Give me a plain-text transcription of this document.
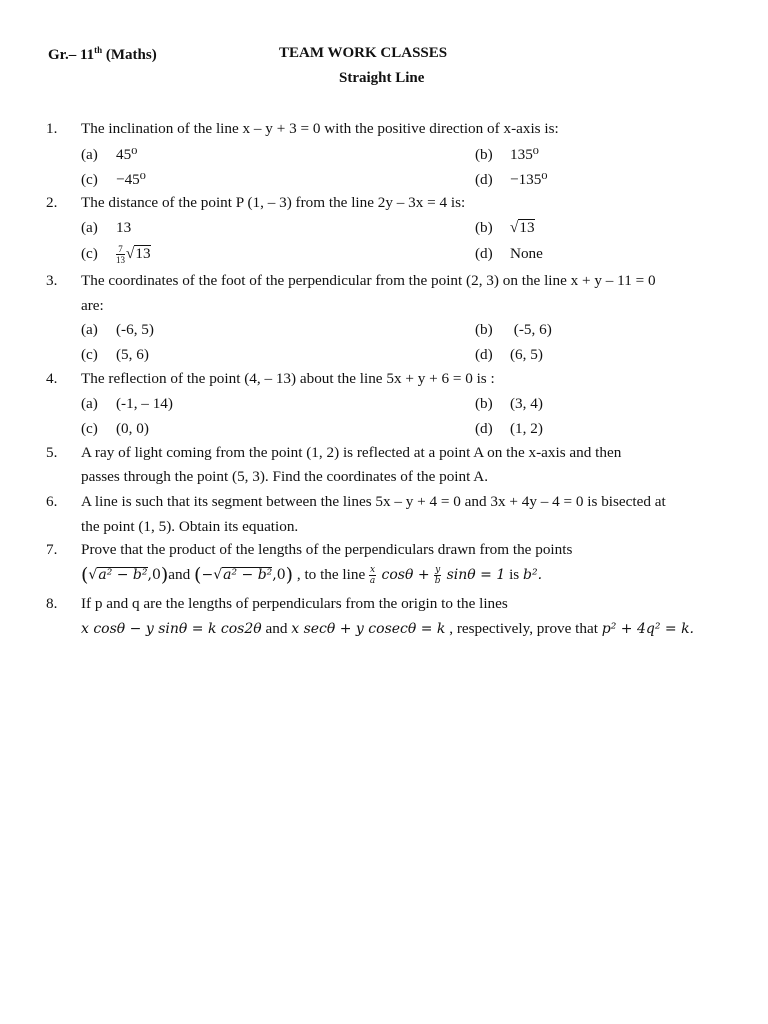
Gr.– 11th (Maths)	TEAM WORK CLASSES
Straight Line
1. The inclination of the line x – y + 3 = 0 with the positive direction of x-axis is:
(a) 45⁰	(b) 135⁰
(c) −45⁰	(d) −135⁰
2. The distance of the point P (1, – 3) from the line 2y – 3x = 4 is:
(a) 13	(b) √13
$(c) \frac{7}{13} √13$	(d) None
3. The coordinates of the foot of the perpendicular from the point (2, 3) on the line x + y – 11 = 0
are:
(a) (-6, 5)	(b) (-5, 6)
(c) (5, 6)	(d) (6, 5)
4. The reflection of the point (4, – 13) about the line 5x + y + 6 = 0 is :
(a) (-1, – 14)	(b) (3, 4)
(c) (0, 0)	(d) (1, 2)
5. A ray of light coming from the point (1, 2) is reflected at a point A on the x-axis and then
passes through the point (5, 3). Find the coordinates of the point A.
6. A line is such that its segment between the lines 5x – y + 4 = 0 and 3x + 4y – 4 = 0 is bisected at
the point (1, 5). Obtain its equation.
7. Prove that the product of the lengths of the perpendiculars drawn from the points
(√a² − b²,0)and (−√a² − b²,0) , to the line $\frac{x}{a}$ $\cos\theta + \frac{y}{b}$ sinθ = 1 is b².
8. If p and q are the lengths of perpendiculars from the origin to the lines
x cosθ − y sinθ = k cos2θ and x secθ + y cosecθ = k , respectively, prove that p² + 4q² = k.
